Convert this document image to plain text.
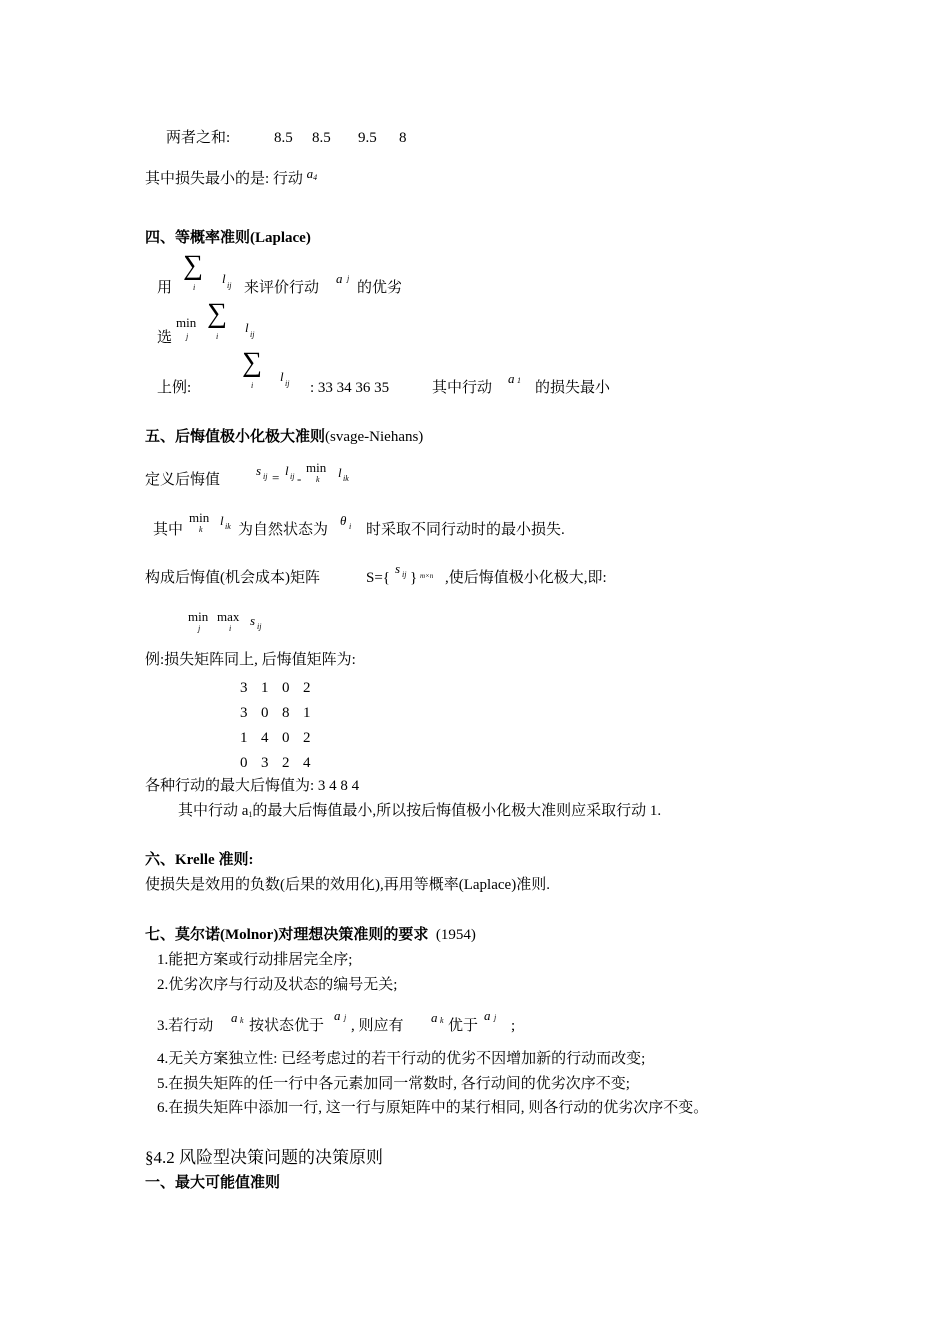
两者之和:	8.5 8.5 9.5 8
其中损失最小的是: 行动 $a^4$
四、等概率准则(Laplace)
用
∑
i
l ij 来评价行动
a j
的优劣
选
min
j
∑
i
l ij
上例:
∑
i
l ij : 33 34 36 35	其中行动
a 1 的损失最小
五、后悔值极小化极大准则(svage-Niehans)
定义后悔值
s ij = l ij -
min
k l ik
其中
min
k
l ik 为自然状态为
θ i 时采取不同行动时的最小损失.
构成后悔值(机会成本)矩阵	S={
s ij } m×n ,使后悔值极小化极大,即:
min
j
max
i
s ij
例:损失矩阵同上, 后悔值矩阵为:
3 1 0 2
3 0 8 1
1 4 0 2
0 3 2 4
各种行动的最大后悔值为: 3 4 8 4
其中行动 a1的最大后悔值最小,所以按后悔值极小化极大准则应采取行动 1.
六、Krelle 准则:
使损失是效用的负数(后果的效用化),再用等概率(Laplace)准则.
七、莫尔诺(Molnor)对理想决策准则的要求 (1954)
1.能把方案或行动排居完全序;
2.优劣次序与行动及状态的编号无关;
3.若行动
a k 按状态优于
a j
, 则应有
a k 优于
a j
;
4.无关方案独立性: 已经考虑过的若干行动的优劣不因增加新的行动而改变;
5.在损失矩阵的任一行中各元素加同一常数时, 各行动间的优劣次序不变;
6.在损失矩阵中添加一行, 这一行与原矩阵中的某行相同, 则各行动的优劣次序不变。
§4.2 风险型决策问题的决策原则
一、最大可能值准则
